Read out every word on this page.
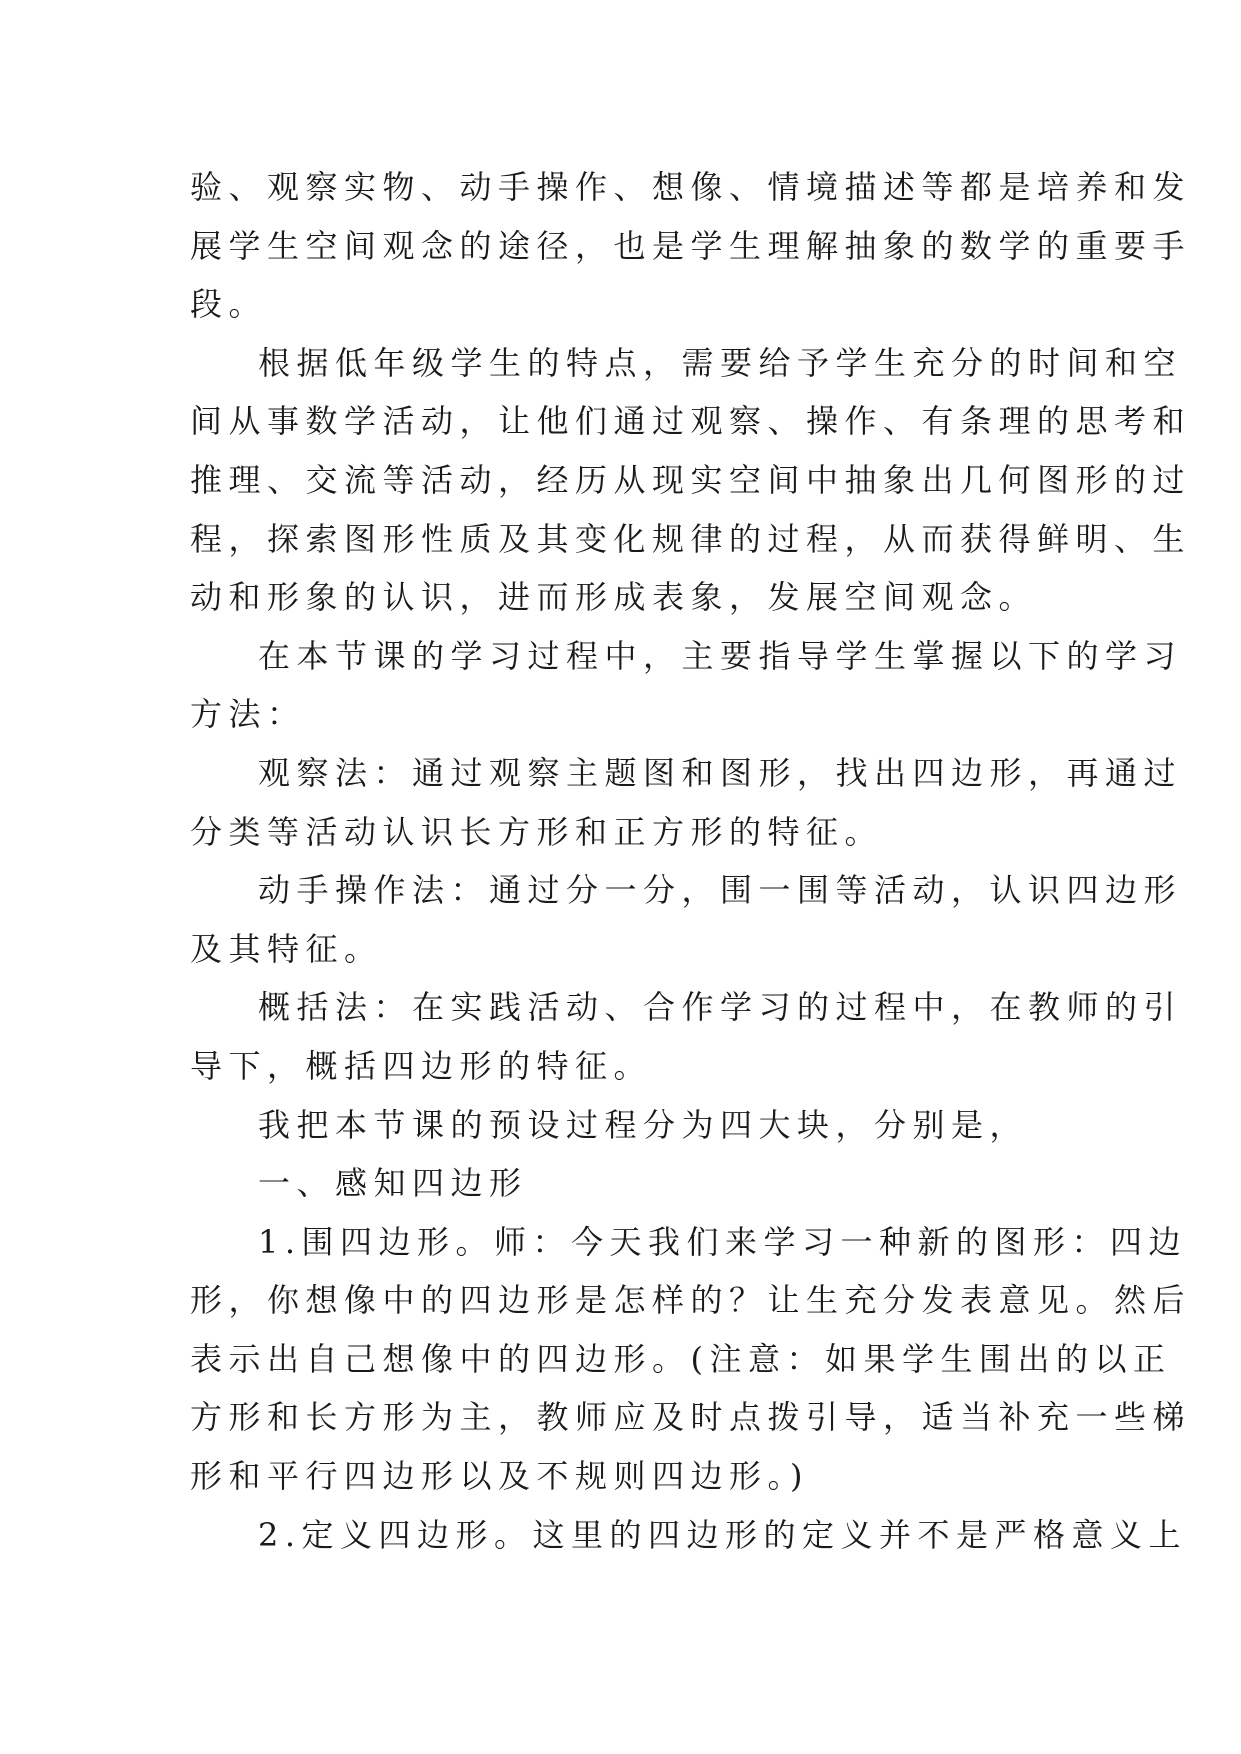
验、观察实物、动手操作、想像、情境描述等都是培养和发
展学生空间观念的途径，也是学生理解抽象的数学的重要手
段。
根据低年级学生的特点，需要给予学生充分的时间和空
间从事数学活动，让他们通过观察、操作、有条理的思考和
推理、交流等活动，经历从现实空间中抽象出几何图形的过
程，探索图形性质及其变化规律的过程，从而获得鲜明、生
动和形象的认识，进而形成表象，发展空间观念。
在本节课的学习过程中，主要指导学生掌握以下的学习
方法：
观察法：通过观察主题图和图形，找出四边形，再通过
分类等活动认识长方形和正方形的特征。
动手操作法：通过分一分，围一围等活动，认识四边形
及其特征。
概括法：在实践活动、合作学习的过程中，在教师的引
导下，概括四边形的特征。
我把本节课的预设过程分为四大块，分别是，
一、感知四边形
1.围四边形。师：今天我们来学习一种新的图形：四边
形，你想像中的四边形是怎样的？让生充分发表意见。然后
表示出自己想像中的四边形。(注意：如果学生围出的以正
方形和长方形为主，教师应及时点拨引导，适当补充一些梯
形和平行四边形以及不规则四边形。)
2.定义四边形。这里的四边形的定义并不是严格意义上
